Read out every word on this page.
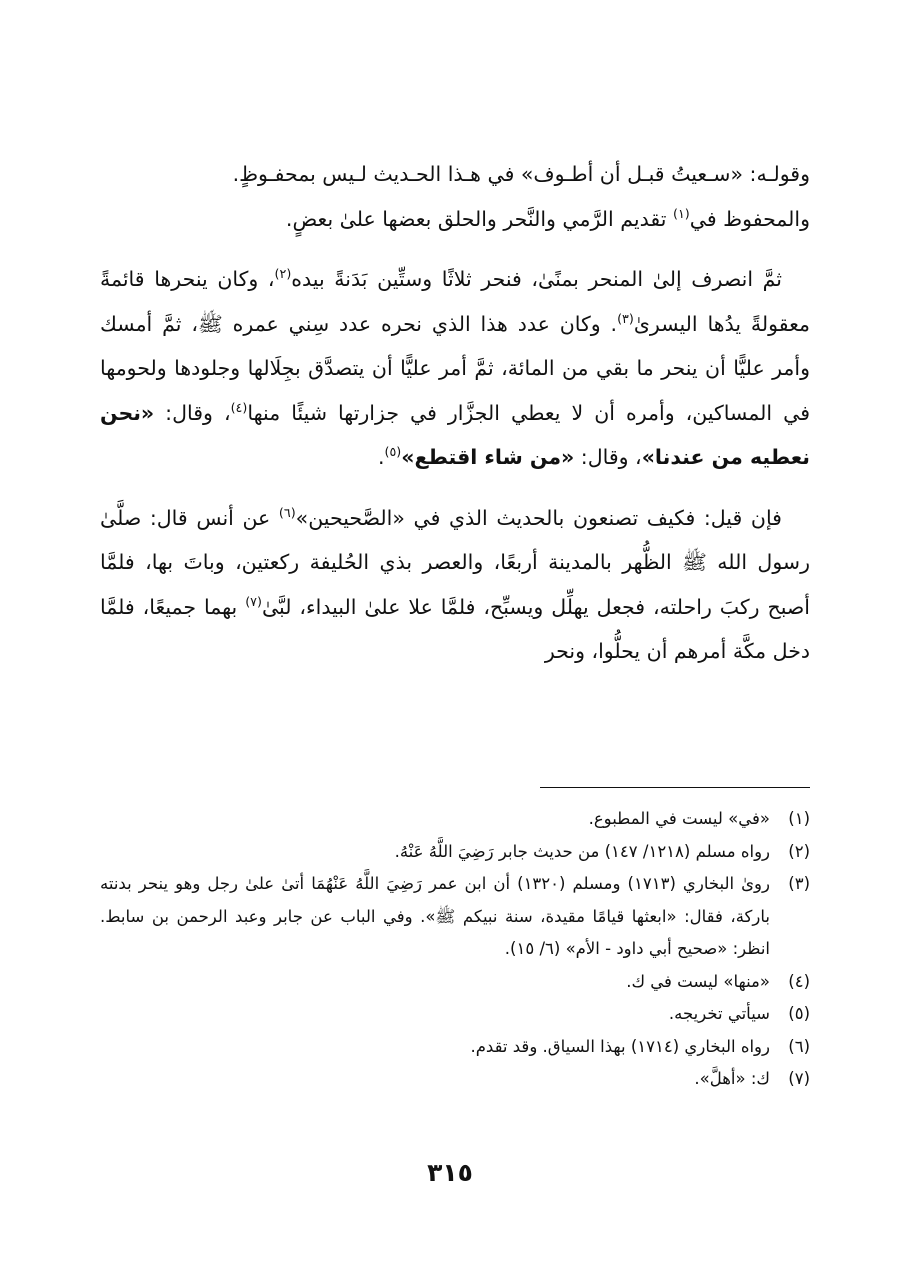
وقولـه: «سـعيتُ قبـل أن أطـوف» في هـذا الحـديث لـيس بمحفـوظٍ.
والمحفوظ في$^{(١)}$ تقديم الرَّمي والنَّحر والحلق بعضها علىٰ بعضٍ.

ثمَّ انصرف إلىٰ المنحر بمنًىٰ، فنحر ثلاثًا وستِّين بَدَنةً بيده$^{(٢)}$، وكان ينحرها قائمةً معقولةً يدُها اليسرىٰ$^{(٣)}$. وكان عدد هذا الذي نحره عدد سِني عمره ﷺ، ثمَّ أمسك وأمر عليًّا أن ينحر ما بقي من المائة، ثمَّ أمر عليًّا أن يتصدَّق بجِلَالها وجلودها ولحومها في المساكين، وأمره أن لا يعطي الجزَّار في جزارتها شيئًا منها$^{(٤)}$، وقال: «نحن نعطيه من عندنا»، وقال: «من شاء اقتطع»$^{(٥)}$.

فإن قيل: فكيف تصنعون بالحديث الذي في «الصَّحيحين»$^{(٦)}$ عن أنس قال: صلَّىٰ رسول الله ﷺ الظُّهر بالمدينة أربعًا، والعصر بذي الحُليفة ركعتين، وباتَ بها، فلمَّا أصبح ركبَ راحلته، فجعل يهلِّل ويسبِّح، فلمَّا علا علىٰ البيداء، لبَّىٰ$^{(٧)}$ بهما جميعًا، فلمَّا دخل مكَّة أمرهم أن يحلُّوا، ونحر

(١)
«في» ليست في المطبوع.
(٢)
رواه مسلم (١٢١٨/ ١٤٧) من حديث جابر رَضِيَ اللَّهُ عَنْهُ.
(٣)
روىٰ البخاري (١٧١٣) ومسلم (١٣٢٠) أن ابن عمر رَضِيَ اللَّهُ عَنْهُمَا أتىٰ علىٰ رجل وهو ينحر بدنته باركة، فقال: «ابعثها قيامًا مقيدة، سنة نبيكم ﷺ». وفي الباب عن جابر وعبد الرحمن بن سابط. انظر: «صحيح أبي داود - الأم» (٦/ ١٥).
(٤)
«منها» ليست في ك.
(٥)
سيأتي تخريجه.
(٦)
رواه البخاري (١٧١٤) بهذا السياق. وقد تقدم.
(٧)
ك: «أهلَّ».
٣١٥
